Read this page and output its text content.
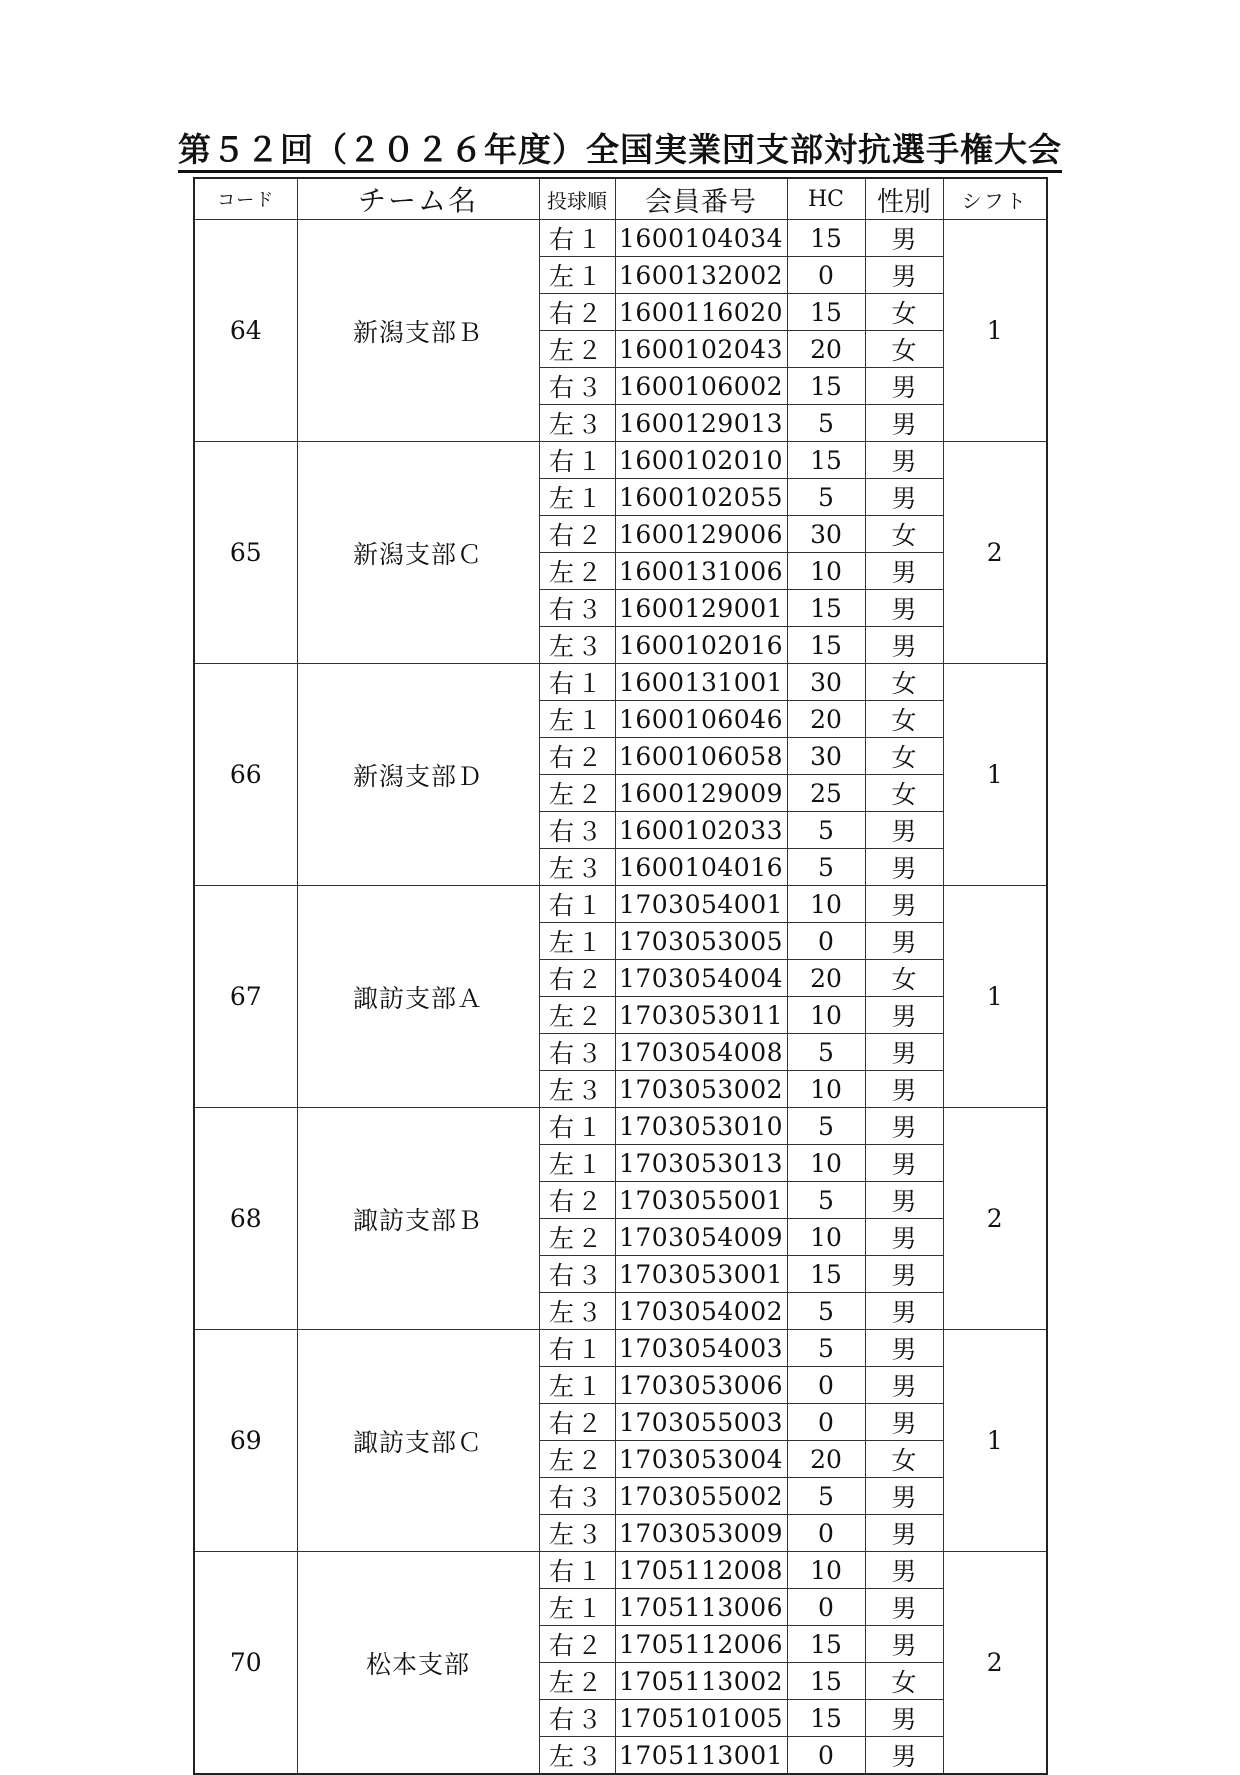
第５２回（２０２６年度）全国実業団支部対抗選手権大会
コード	チーム名	投球順	会員番号	HC	性別	シフト
64	新潟支部Ｂ	右１	1600104034	15	男	1
		左１	1600132002	0	男	
		右２	1600116020	15	女	
		左２	1600102043	20	女	
		右３	1600106002	15	男	
		左３	1600129013	5	男	
65	新潟支部Ｃ	右１	1600102010	15	男	2
		左１	1600102055	5	男	
		右２	1600129006	30	女	
		左２	1600131006	10	男	
		右３	1600129001	15	男	
		左３	1600102016	15	男	
66	新潟支部Ｄ	右１	1600131001	30	女	1
		左１	1600106046	20	女	
		右２	1600106058	30	女	
		左２	1600129009	25	女	
		右３	1600102033	5	男	
		左３	1600104016	5	男	
67	諏訪支部Ａ	右１	1703054001	10	男	1
		左１	1703053005	0	男	
		右２	1703054004	20	女	
		左２	1703053011	10	男	
		右３	1703054008	5	男	
		左３	1703053002	10	男	
68	諏訪支部Ｂ	右１	1703053010	5	男	2
		左１	1703053013	10	男	
		右２	1703055001	5	男	
		左２	1703054009	10	男	
		右３	1703053001	15	男	
		左３	1703054002	5	男	
69	諏訪支部Ｃ	右１	1703054003	5	男	1
		左１	1703053006	0	男	
		右２	1703055003	0	男	
		左２	1703053004	20	女	
		右３	1703055002	5	男	
		左３	1703053009	0	男	
70	松本支部	右１	1705112008	10	男	2
		左１	1705113006	0	男	
		右２	1705112006	15	男	
		左２	1705113002	15	女	
		右３	1705101005	15	男	
		左３	1705113001	0	男	
